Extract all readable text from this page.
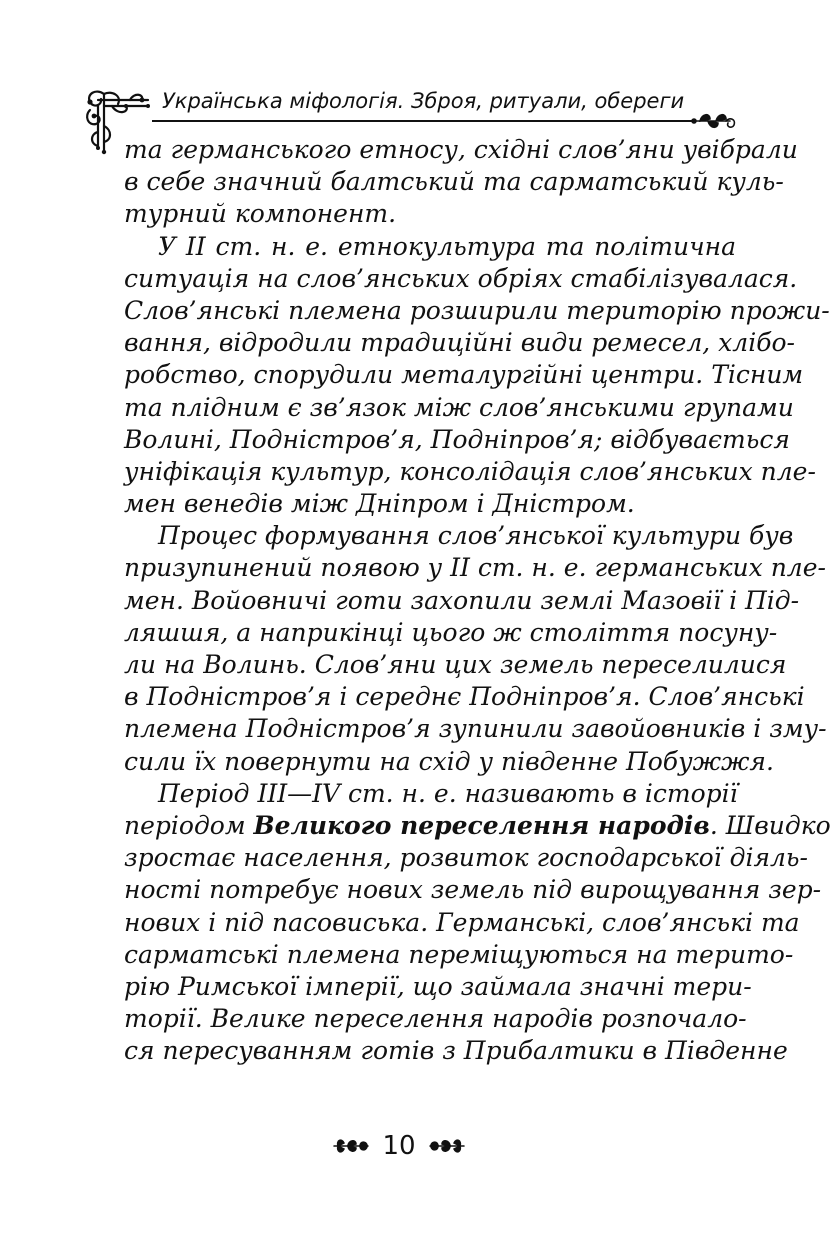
Українська міфологія. Зброя, ритуали, обереги
та германського етносу, східні слов’яни увібрали
в себе значний балтський та сарматський куль-
турний компонент.
У ІІ ст. н. е. етнокультура та політична
ситуація на слов’янських обріях стабілізувалася.
Слов’янські племена розширили територію прожи-
вання, відродили традиційні види ремесел, хлібо-
робство, спорудили металургійні центри. Тісним
та плідним є зв’язок між слов’янськими групами
Волині, Подністров’я, Подніпров’я; відбувається
уніфікація культур, консолідація слов’янських пле-
мен венедів між Дніпром і Дністром.
Процес формування слов’янської культури був
призупинений появою у ІІ ст. н. е. германських пле-
мен. Войовничі готи захопили землі Мазовії і Під-
ляшшя, а наприкінці цього ж століття посуну-
ли на Волинь. Слов’яни цих земель переселилися
в Подністров’я і середнє Подніпров’я. Слов’янські
племена Подністров’я зупинили завойовників і зму-
сили їх повернути на схід у південне Побужжя.
Період ІІІ—IV ст. н. е. називають в історії
періодом Великого переселення народів. Швидко
зростає населення, розвиток господарської діяль-
ності потребує нових земель під вирощування зер-
нових і під пасовиська. Германські, слов’янські та
сарматські племена переміщуються на терито-
рію Римської імперії, що займала значні тери-
торії. Велике переселення народів розпочало-
ся пересуванням готів з Прибалтики в Південне
10
